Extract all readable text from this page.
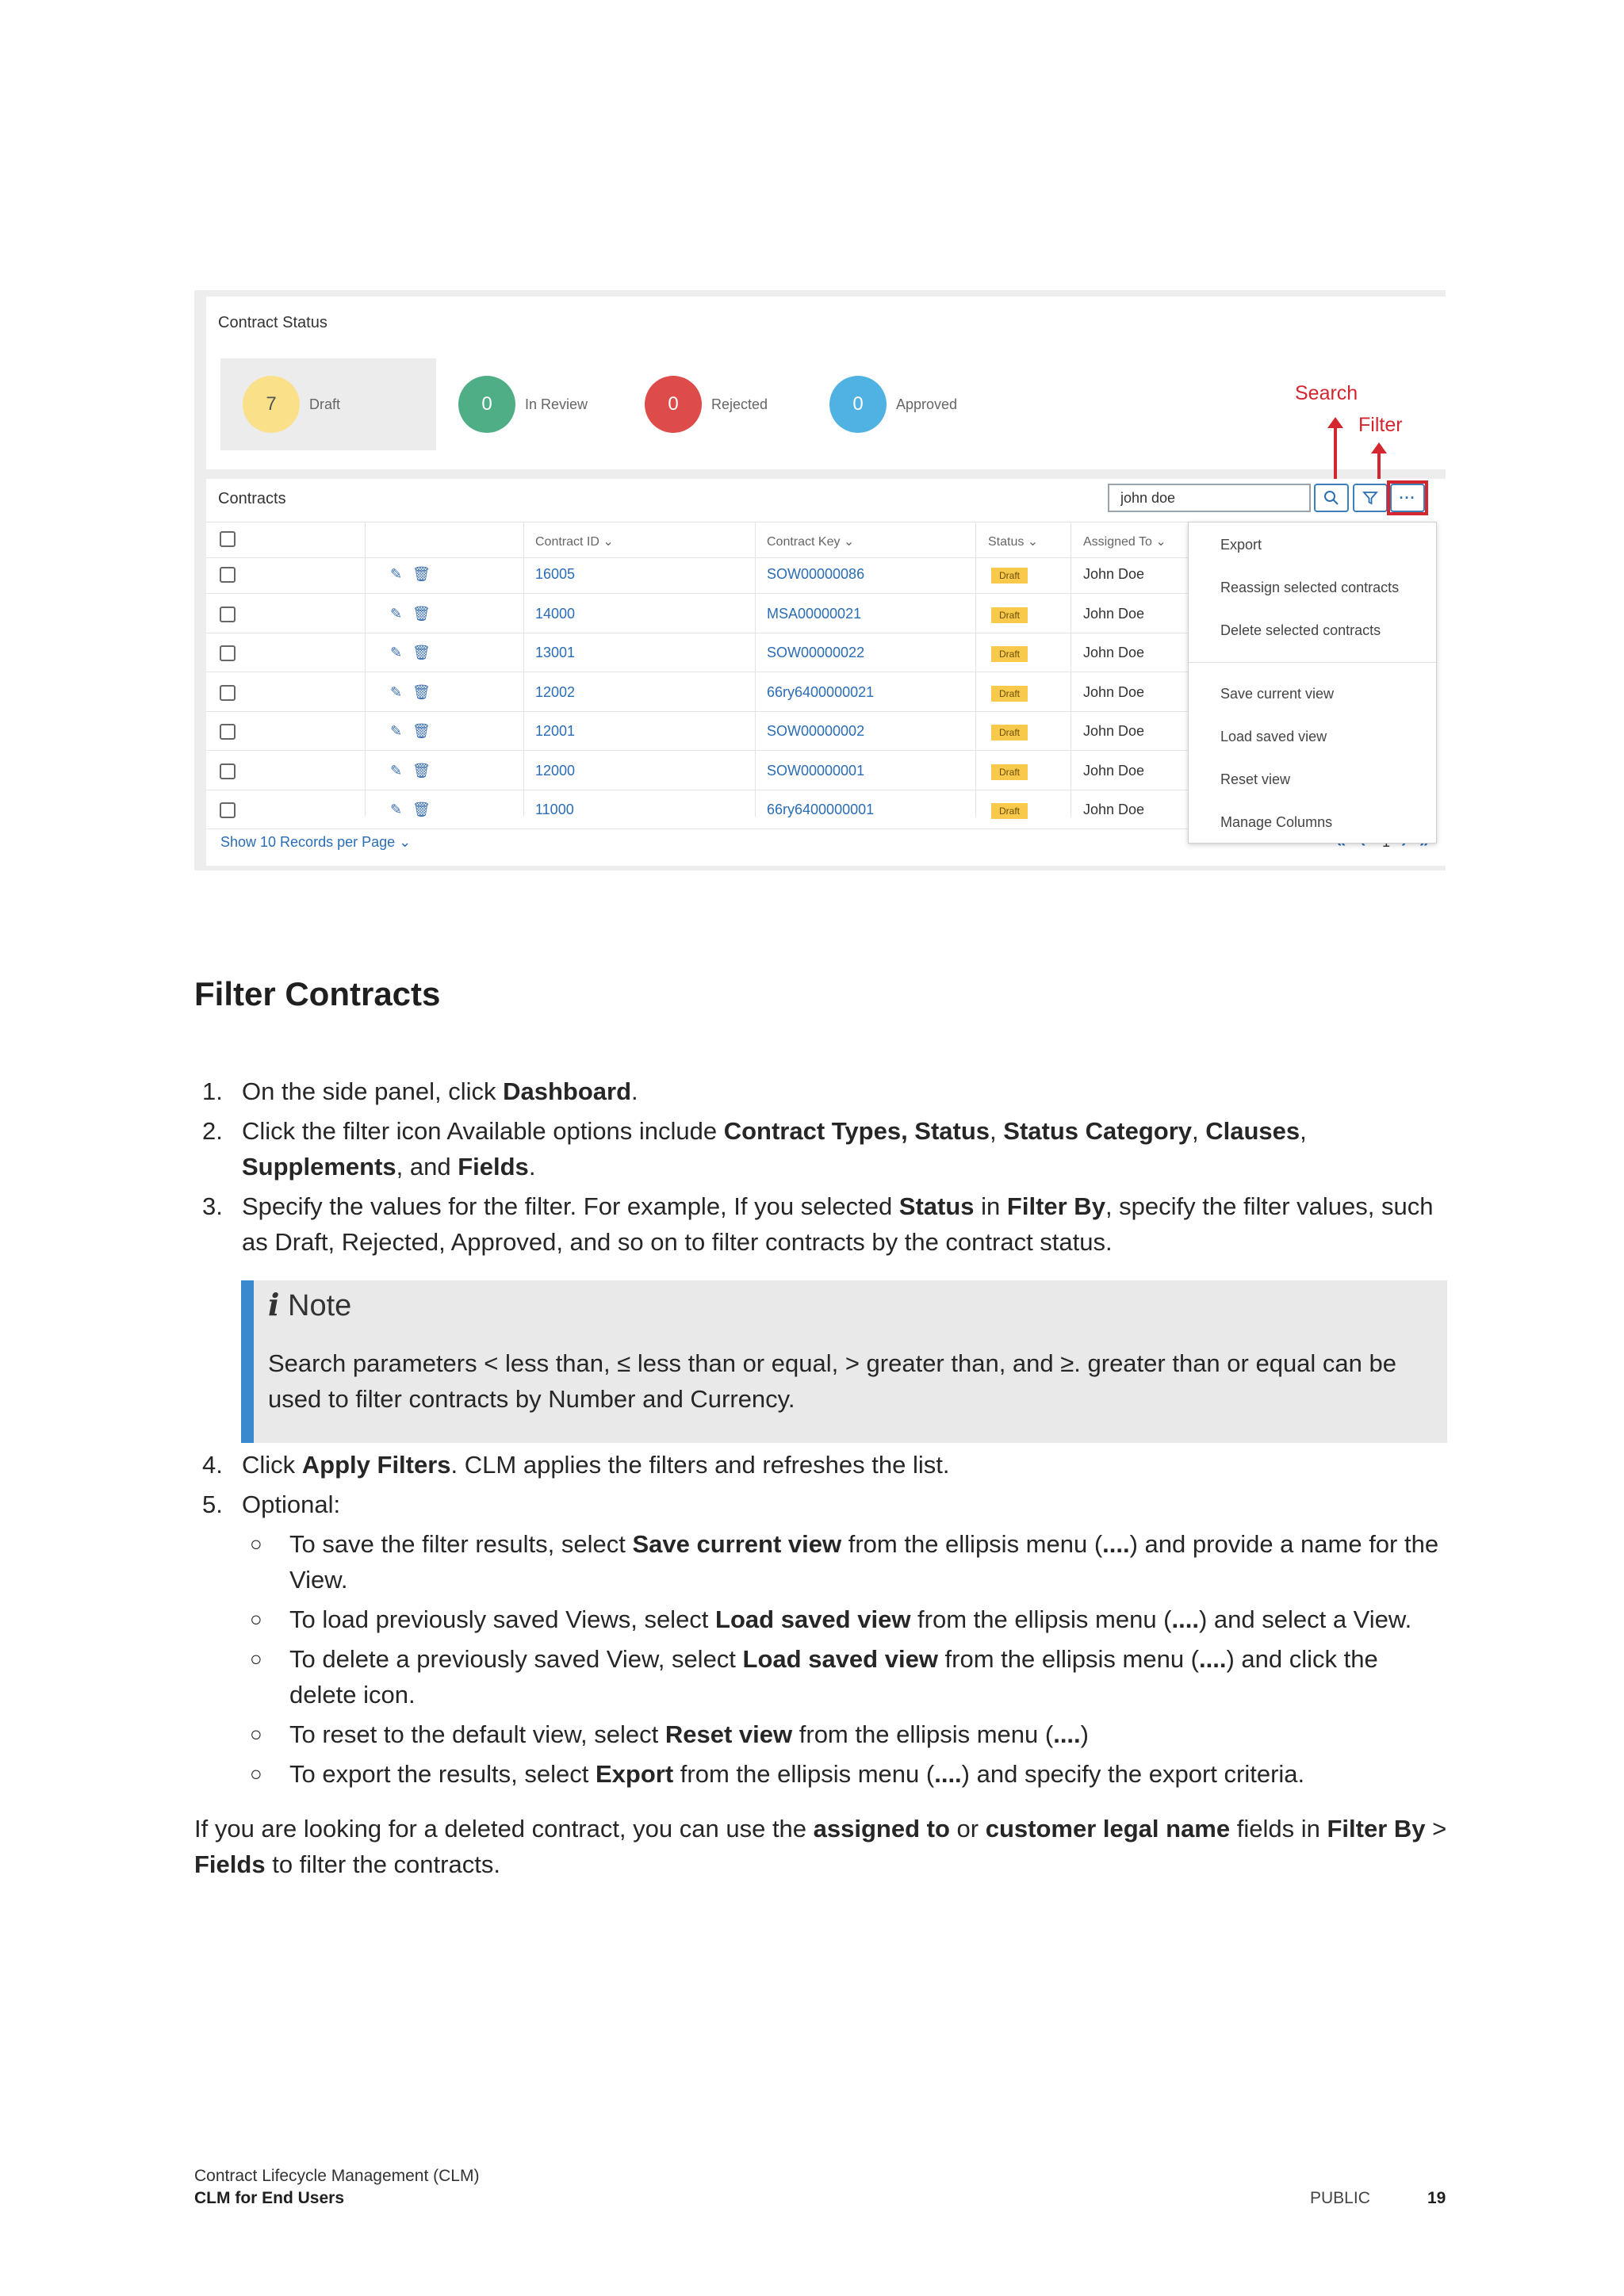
Contract Status
7	Draft	0	In Review	0	Rejected	0	Approved	Search
Filter
Contracts
john doe	···
Contract ID ⌄	Contract Key ⌄	Status ⌄	Assigned To ⌄
✎ 🗑	16005	SOW00000086	Draft	John Doe
✎ 🗑	14000	MSA00000021	Draft	John Doe
✎ 🗑	13001	SOW00000022	Draft	John Doe
✎ 🗑	12002	66ry6400000021	Draft	John Doe
✎ 🗑	12001	SOW00000002	Draft	John Doe
✎ 🗑	12000	SOW00000001	Draft	John Doe
✎ 🗑	11000	66ry6400000001	Draft	John Doe
Show 10 Records per Page ⌄
Export
Reassign selected contracts
Delete selected contracts
Save current view
Load saved view
Reset view
Manage Columns
Filter Contracts
1. On the side panel, click Dashboard.
2. Click the filter icon Available options include Contract Types, Status, Status Category, Clauses, Supplements, and Fields.
3. Specify the values for the filter. For example, If you selected Status in Filter By, specify the filter values, such as Draft, Rejected, Approved, and so on to filter contracts by the contract status.
i Note
Search parameters < less than, ≤ less than or equal, > greater than, and ≥. greater than or equal can be used to filter contracts by Number and Currency.
4. Click Apply Filters. CLM applies the filters and refreshes the list.
5. Optional:
○ To save the filter results, select Save current view from the ellipsis menu (....) and provide a name for the View.
○ To load previously saved Views, select Load saved view from the ellipsis menu (....) and select a View.
○ To delete a previously saved View, select Load saved view from the ellipsis menu (....) and click the delete icon.
○ To reset to the default view, select Reset view from the ellipsis menu (....)
○ To export the results, select Export from the ellipsis menu (....) and specify the export criteria.
If you are looking for a deleted contract, you can use the assigned to or customer legal name fields in Filter By > Fields to filter the contracts.
Contract Lifecycle Management (CLM)
CLM for End Users	PUBLIC	19
